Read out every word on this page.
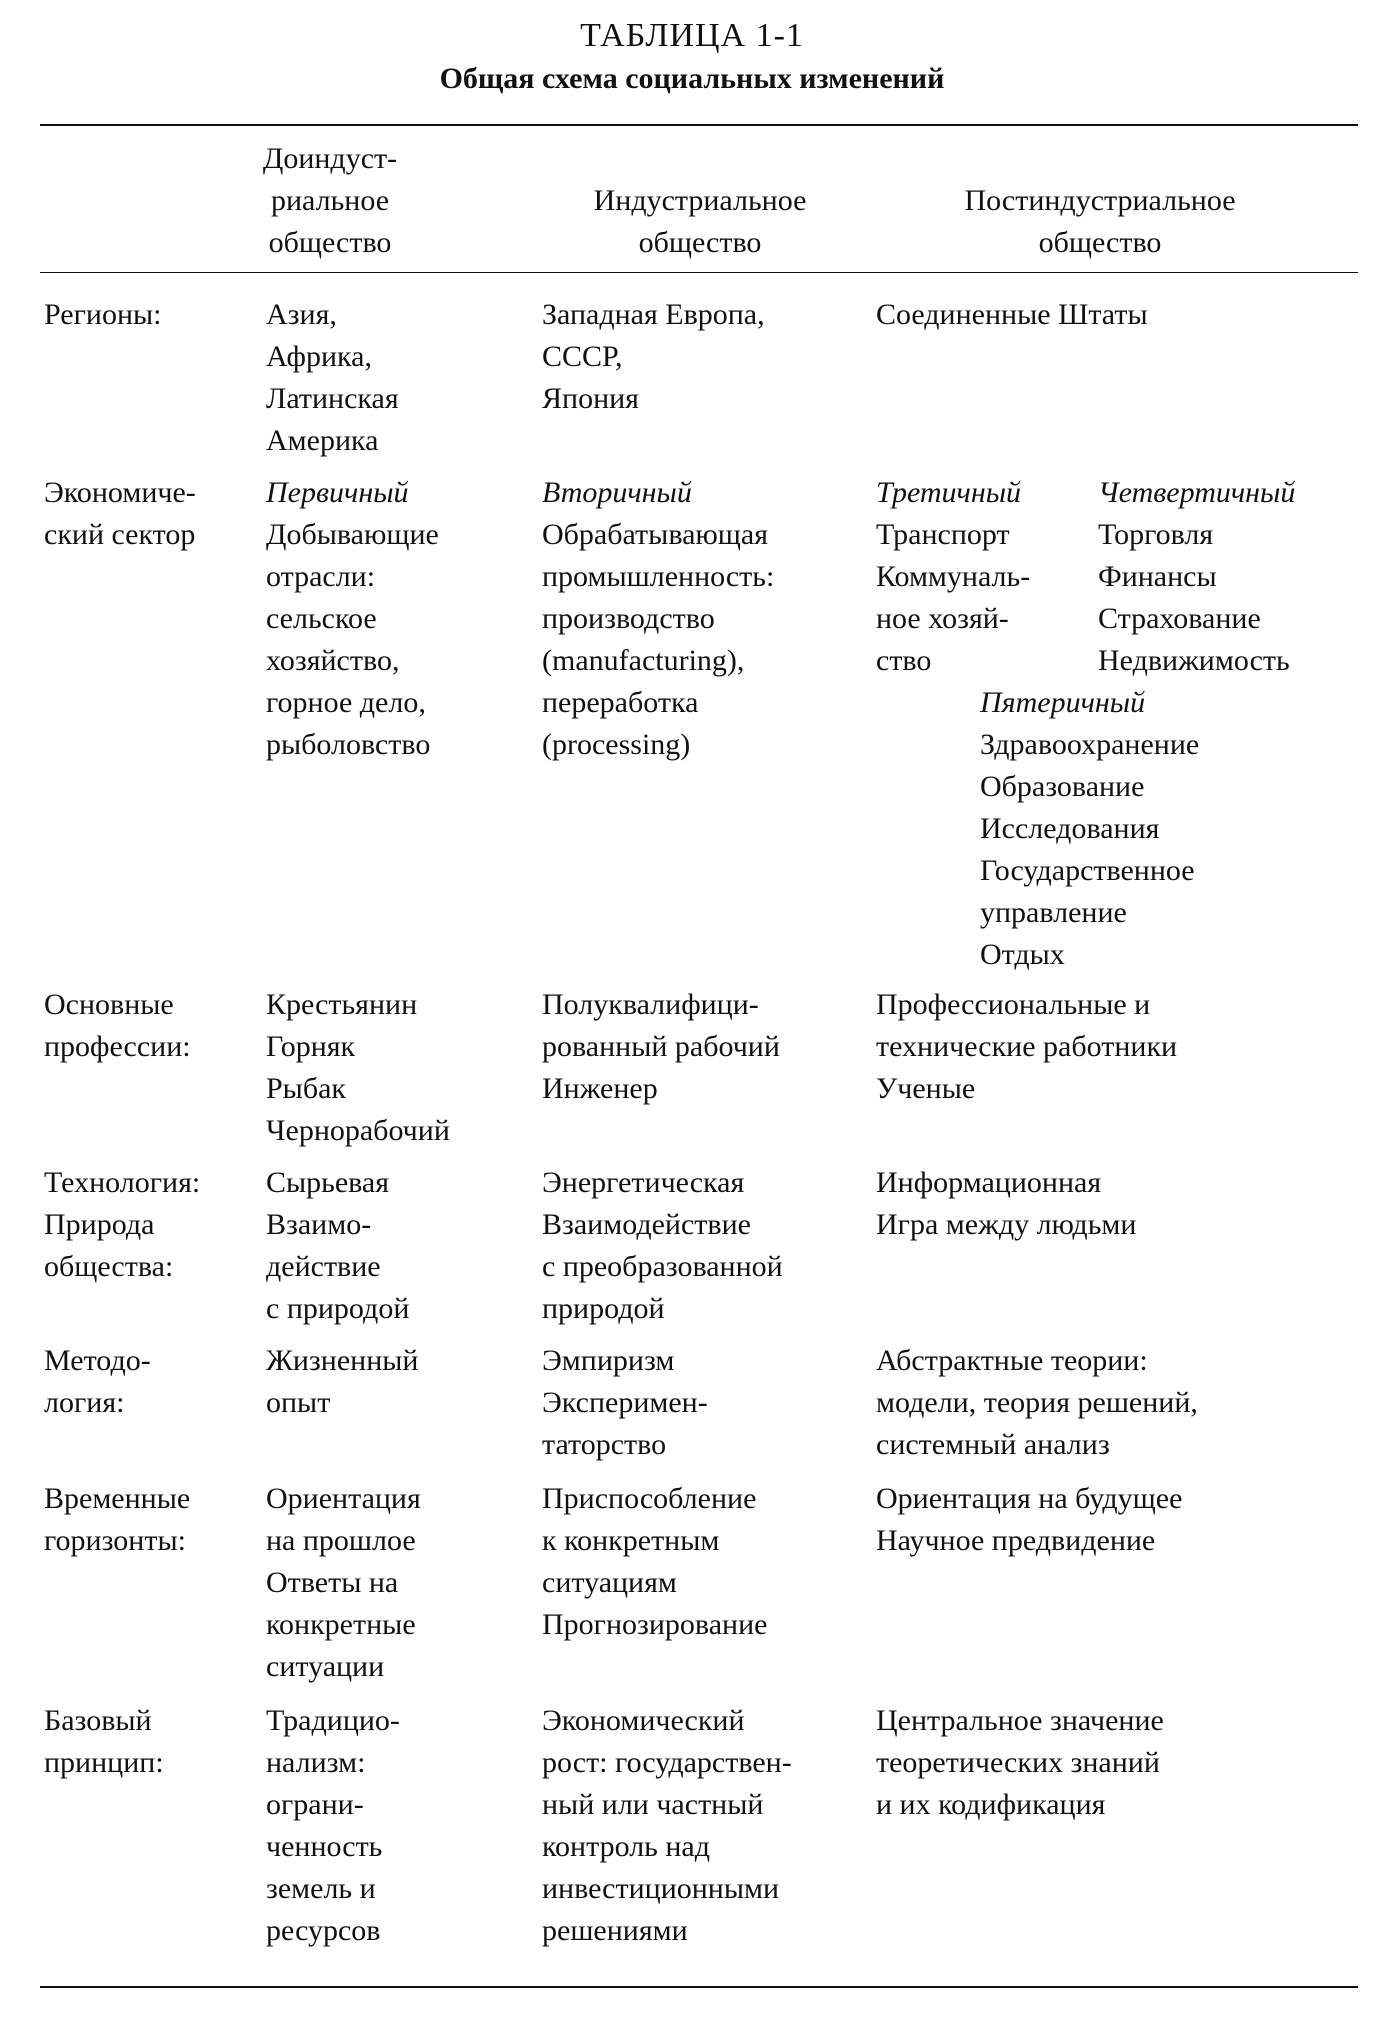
ТАБЛИЦА 1-1
Общая схема социальных изменений
Доиндуст-
риальное
общество
Индустриальное
общество
Постиндустриальное
общество
Регионы:	Азия,
Африка,
Латинская
Америка
Западная Европа,
СССР,
Япония
Соединенные Штаты
Экономиче-
ский сектор
Первичный
Добывающие
отрасли:
сельское
хозяйство,
горное дело,
рыболовство
Вторичный
Обрабатывающая
промышленность:
производство
(manufacturing),
переработка
(processing)
Третичный
Транспорт
Коммуналь-
ное хозяй-
ство
Четвертичный
Торговля
Финансы
Страхование
Недвижимость
Пятеричный
Здравоохранение
Образование
Исследования
Государственное
управление
Отдых
Основные
профессии:
Крестьянин
Горняк
Рыбак
Чернорабочий
Полуквалифици-
рованный рабочий
Инженер
Профессиональные и
технические работники
Ученые
Технология:
Природа
общества:
Сырьевая
Взаимо-
действие
с природой
Энергетическая
Взаимодействие
с преобразованной
природой
Информационная
Игра между людьми
Методо-
логия:
Жизненный
опыт
Эмпиризм
Эксперимен-
таторство
Абстрактные теории:
модели, теория решений,
системный анализ
Временные
горизонты:
Ориентация
на прошлое
Ответы на
конкретные
ситуации
Приспособление
к конкретным
ситуациям
Прогнозирование
Ориентация на будущее
Научное предвидение
Базовый
принцип:
Традицио-
нализм:
ограни-
ченность
земель и
ресурсов
Экономический
рост: государствен-
ный или частный
контроль над
инвестиционными
решениями
Центральное значение
теоретических знаний
и их кодификация
